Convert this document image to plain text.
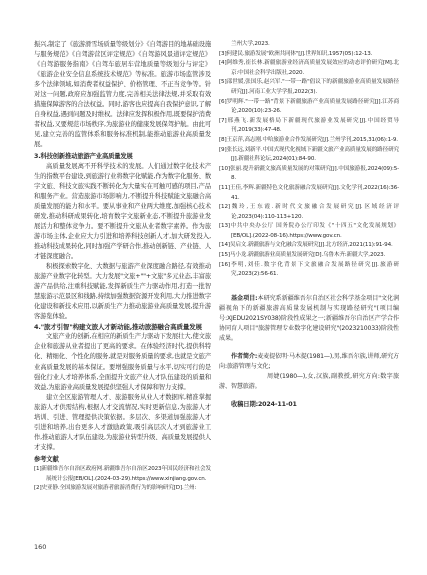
振兴,制定了《旅游滑雪场质量等级划分》《自驾游目的地基础设施与服务规范》《自驾游营区评定规范》《自驾游风景道评定规范》《自驾游服务指南》《自驾车旅居车营地质量等级划分与评定》《旅游企业安全信息系统技术规范》等标准。旅游市场监管涉及多个法律领域,如消费者权益保护、价格管理、不正当竞争等。针对这一问题,政府应加强监管力度,完善相关法律法规,并采取有效措施保障游客的合法权益。同时,游客也应提高自我保护意识,了解自身权益,遇到问题及时维权。法律应发挥积极作用,既要保护消费者权益,又要规范市场秩序,为旅游业的健康发展保驾护航。由此可见,建立完善的监管体系和服务标准机制,能推动旅游业高质量发展。

3.科技创新推动旅游产业高质量发展

高质量发展离不开科学技术的发展。人们通过数字化技术产生的指数平台建设,到旅游行业将数字化赋能,作为数字化服务、数字文旅、科技文旅实践不断转化为大量实在可触可感的项目,产品和服务产业。营造旅游市场影响力,不断提升科技赋能文旅融合高质量发展的能力和水平。要从事业和产业两大维度,加强核心技术研发,推动科研成果转化,培育数字文旅新业态,不断提升旅游业发展活力和整体竞争力。要不断提升文旅从业者数字素养。作为旅游市场主体,企业应大力引进和培养科技创新人才,加大研发投入,推动科技成果转化,同时加强产学研合作,推动创新链、产业链、人才链深度融合。

积极探索数字化、大数据与旅游产业深度融合路径,有效推动旅游产业数字化转型。大力发展"文旅+""+文旅"多元业态,丰富旅游产品供给,注重科技赋能,发挥新质生产力驱动作用,打造一批智慧旅游示范景区和线路,持续加强数据资源开发利用,大力推进数字化建设和新技术应用,以新质生产力推动旅游业高质量发展,提升游客游览体验。

4."旅才引智"构建文旅人才新动能,推动旅游融合高质量发展

文旅产业的创新,在相应的新质生产力驱动下发展壮大,使文旅企业和旅游从业者提出了更高的要求。在体验经济时代,提供科特化、精细化、个性化的服务,就是对服务质量的要求,也就是文旅产业高质量发展的基本保证。要增强服务质量与水平,切实可行的是强化行业人才培养体系,全面提升文旅产业人才队伍建设的质量和效益,为旅游业高质量发展提供坚强人才保障和智力支撑。

建立全区旅游管理人才、旅游服务从业人才数据库,精准掌握旅游人才供需结构,根据人才交流情况,实时更新信息,为旅游人才培训、引进、管理提供决策依据。多层次、多渠道加强旅游人才引进和培养,出台更多人才激励政策,吸引高层次人才到旅游业工作,推动旅游人才队伍建设,为旅游业转型升级、高质量发展提供人才支撑。

参考文献

[1]新疆维吾尔自治区政府网.新疆维吾尔自治区2023年国民经济和社会发展统计公报[EB/OL].(2024-03-29).https://www.xinjiang.gov.cn.

[2]史亚静.全国旅游发展对旅游者旅游消费行为的影响研究[D].兰州:

兰州大学,2023.

[3]何建民.旅游发展"欧洲共同体"[J].世界知识,1957(05):12-13.

[4]阿维秀,崔长林.新疆旅游业经济高质量发展效应的动态评价研究[M].北京:中国社会科学出版社,2020.

[5]邵世媛,张国乐,赵兴军."一带一路"倡议下的新疆旅游业高质量发展路径研究[J].河南工业大学学报,2022(3).

[6]罗明辉."一带一路"背景下新疆旅游产业高质量发展路径研究[J].江苏商论,2020(10):23-26.

[7]邢燕飞.新发展格局下新疆现代旅游业发展研究[J].中国经贸导刊,2019(33):47-48.

[8]王京萍,高志刚.中哈旅游业合作发展研究[J].兰州学刊,2015,31(06):1-9.

[9]张长远,刘新平.中国式现代化视域下新疆文旅产业高质量发展的路径研究[J].新疆社科论坛,2024(01):84-90.

[10]张丽.提升新疆文旅高质量发展的对策研究[J].中国旅游报,2024(09):5-8.

[11]王佳,李辉.新疆特色文化旅游融合发展研究[J].文化学刊,2022(16):36-41.

[12]魏玲,王东霞.新时代文旅融合发展研究[J].区域经济评论,2023(04):110-113+120.

[13]中共中央办公厅 国务院办公厅印发《"十四五"文化发展规划》[EB/OL].(2022-08-16).https://www.gov.cn.

[14]吴启文.新疆旅游与文化融合发展研究[J].北方经济,2021(11):91-94.

[15]马小龙.新疆旅游业高质量发展研究[D].乌鲁木齐:新疆大学,2023.

[16]李明,刘佳.数字化背景下文旅融合发展路径研究[J].旅游研究,2023(2):56-61.

基金项目:本研究系新疆维吾尔自治区社会科学基金项目"文化润疆视角下的新疆旅游高质量发展机制与实现路径研究"(项目编号:XJEDU2021SY038)阶段性成果之一;新疆维吾尔自治区产学合作协同育人项目"旅游管理专业数字化建设研究"(2023210033)阶段性成果。

作者简介:麦麦提依明·马木提(1981—),男,维吾尔族,讲师,研究方向:旅游管理与文化;

周婕(1980—),女,汉族,副教授,研究方向:数字旅游、智慧旅游。

收稿日期:2024-11-01

160
